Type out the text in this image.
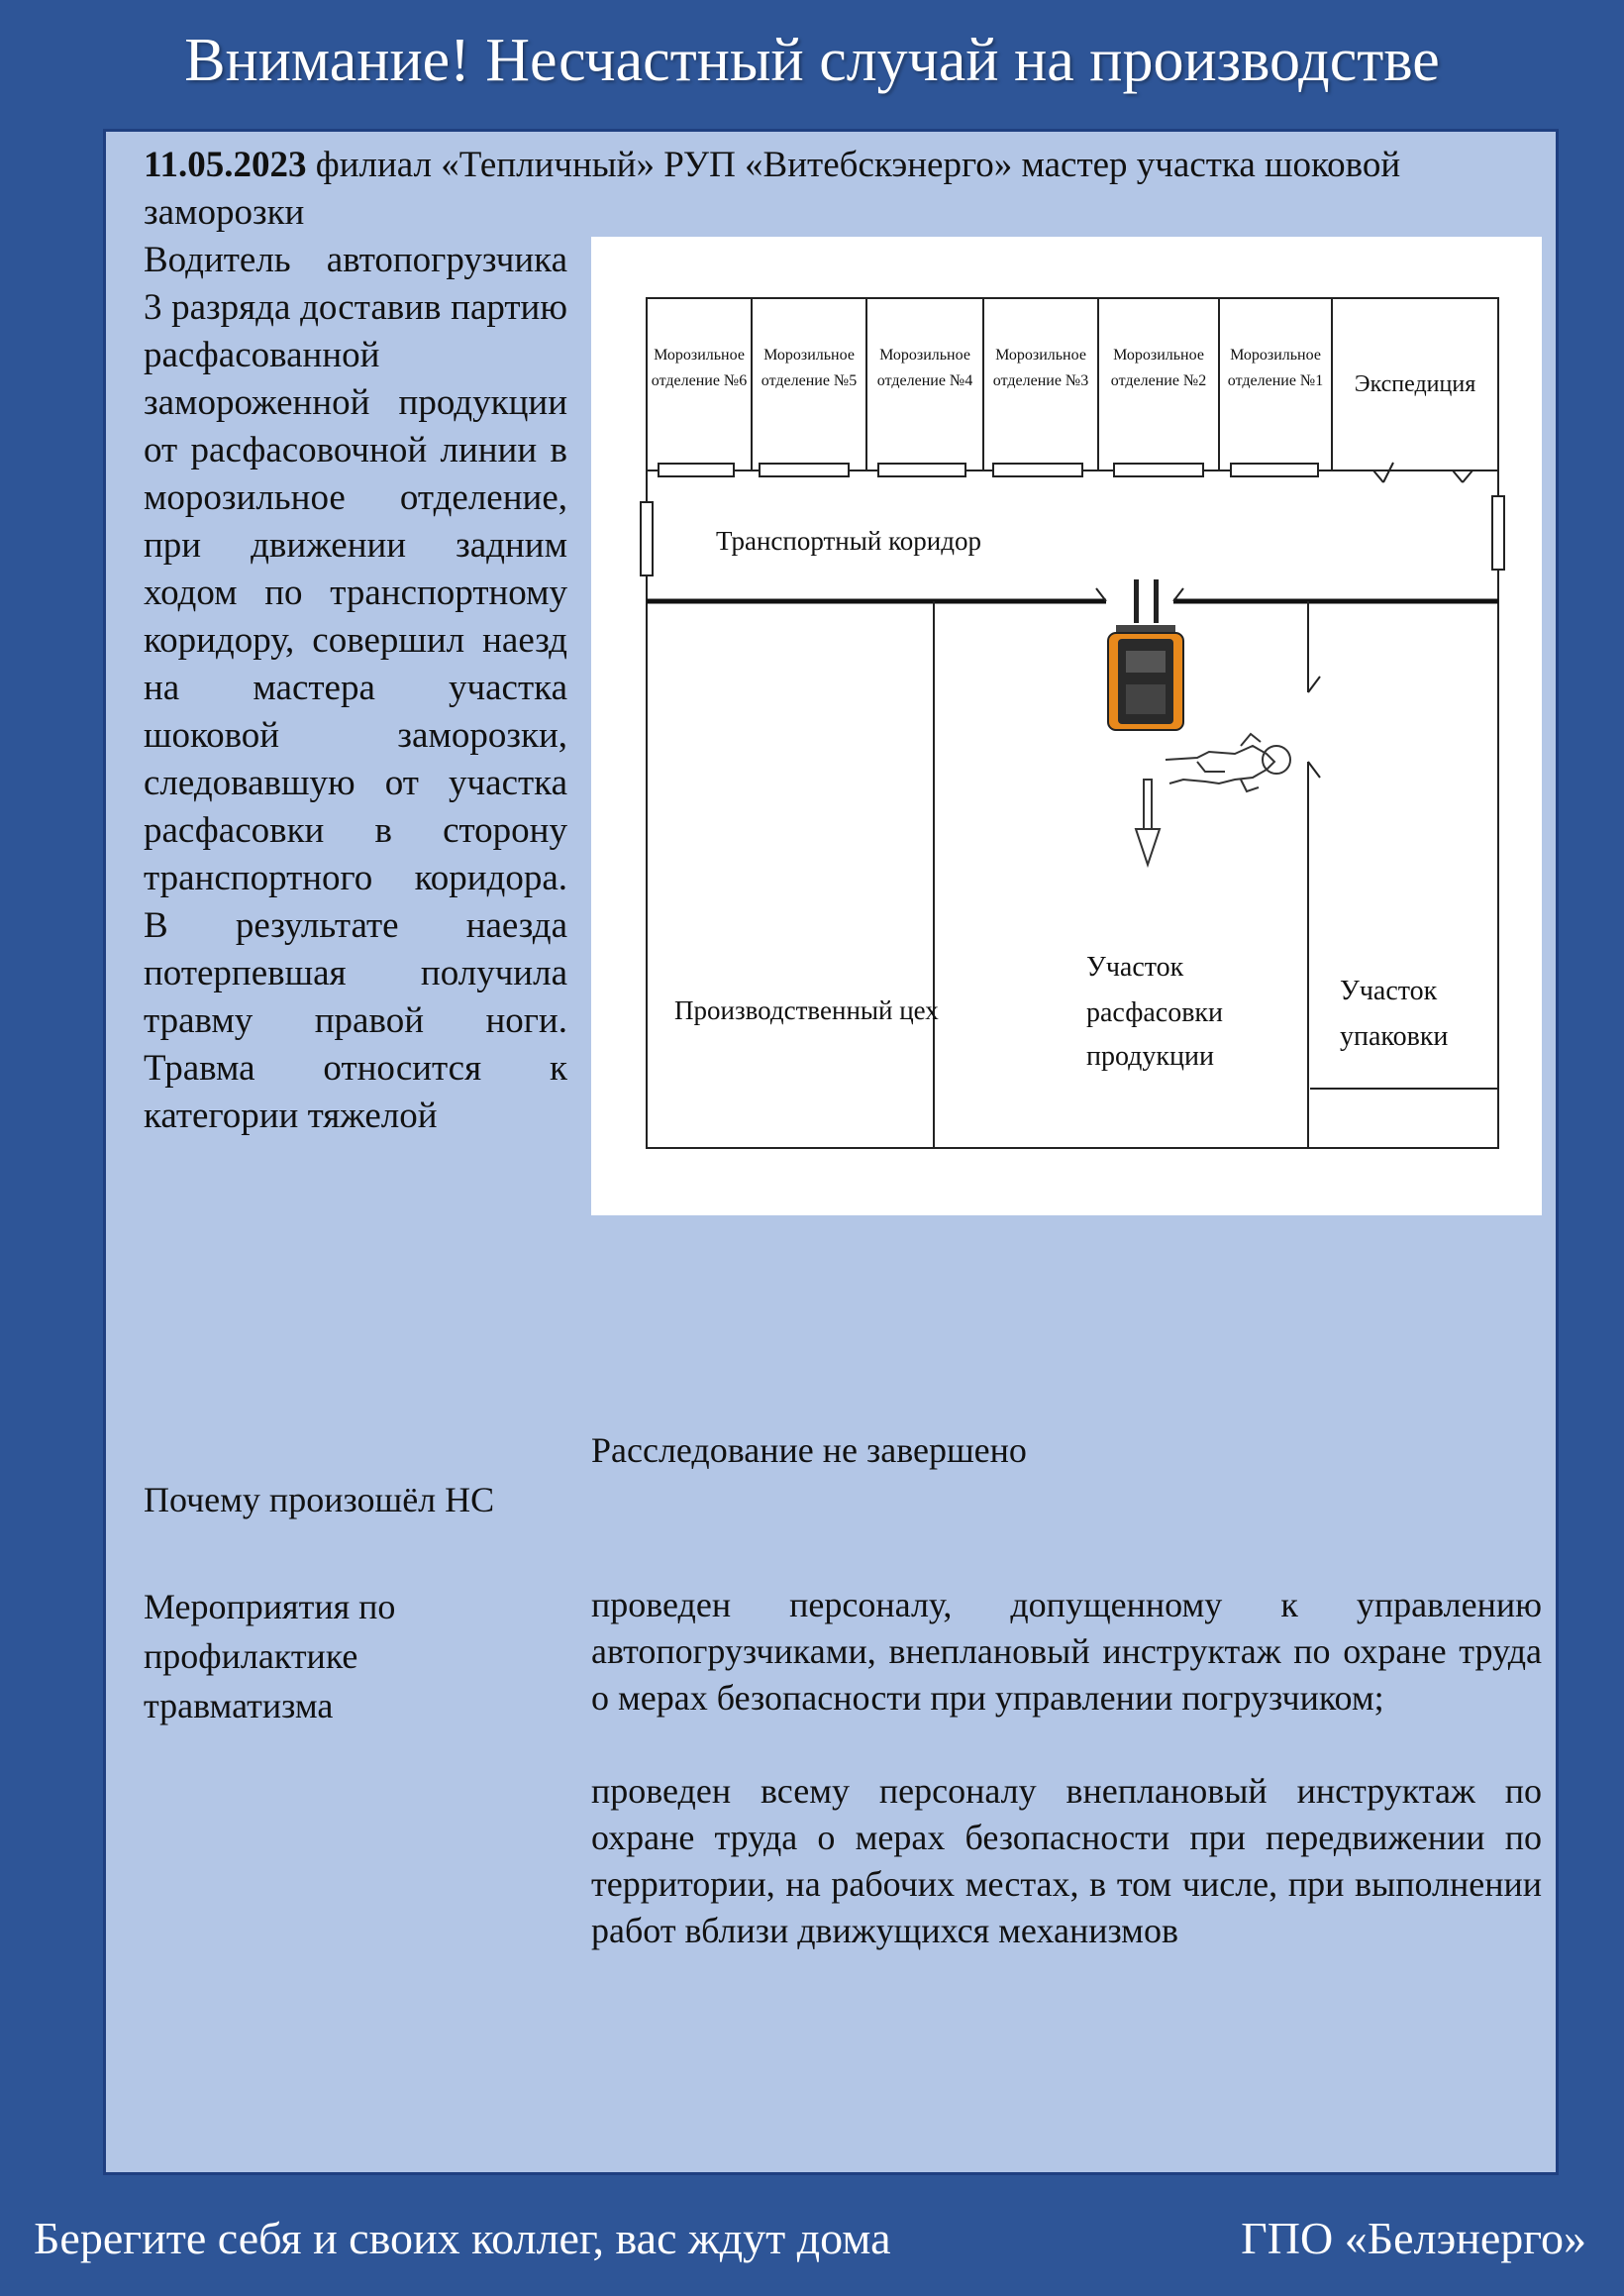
Внимание! Несчастный случай на производстве
11.05.2023 филиал «Тепличный» РУП «Витебскэнерго» мастер участка шоковой заморозки
Водитель автопогрузчика 3 разряда доставив партию расфасованной замороженной продукции от расфасовочной линии в морозильное отделение, при движении задним ходом по транспортному коридору, совершил наезд на мастера участка шоковой заморозки, следовавшую от участка расфасовки в сторону транспортного коридора. В результате наезда потерпевшая получила травму правой ноги. Травма относится к категории тяжелой
Морозильное
отделение №6
Морозильное
отделение №5
Морозильное
отделение №4
Морозильное
отделение №3
Морозильное
отделение №2
Морозильное
отделение №1 Экспедиция
Транспортный коридор
Производственный цех
Участок
расфасовки
продукции
Участок
упаковки
Расследование не завершено
Почему произошёл НС
Мероприятия по профилактике травматизма
проведен персоналу, допущенному к управлению автопогрузчиками, внеплановый инструктаж по охране труда о мерах безопасности при управлении погрузчиком;
проведен всему персоналу внеплановый инструктаж по охране труда о мерах безопасности при передвижении по территории, на рабочих местах, в том числе, при выполнении работ вблизи движущихся механизмов
Берегите себя и своих коллег, вас ждут дома	ГПО «Белэнерго»
